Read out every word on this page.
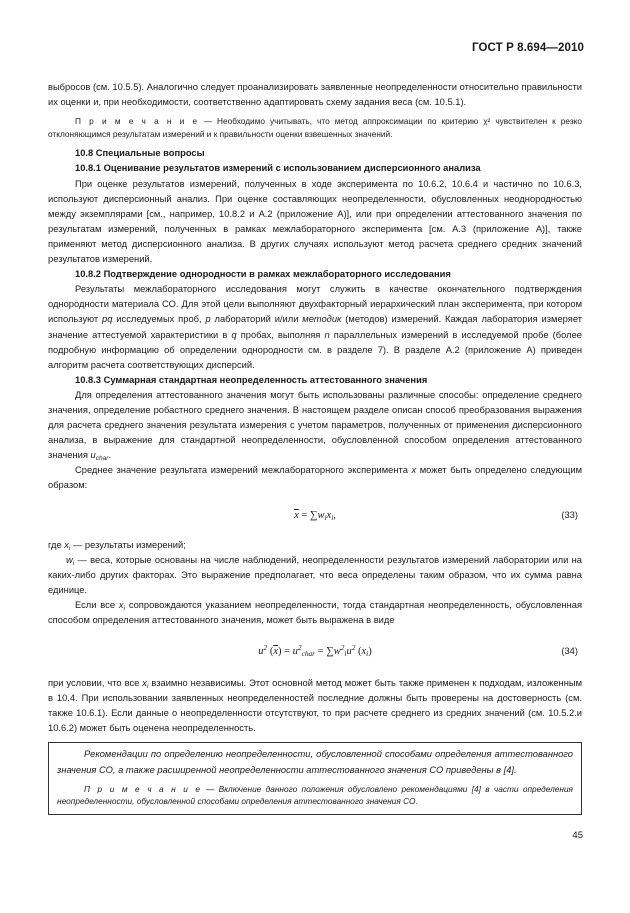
ГОСТ Р 8.694—2010

выбросов (см. 10.5.5). Аналогично следует проанализировать заявленные неопределенности относительно правильности их оценки и, при необходимости, соответственно адаптировать схему задания веса (см. 10.5.1).

П р и м е ч а н и е — Необходимо учитывать, что метод аппроксимации по критерию χ² чувствителен к резко отклоняющимся результатам измерений и к правильности оценки взвешенных значений.

10.8 Специальные вопросы

10.8.1 Оценивание результатов измерений с использованием дисперсионного анализа

При оценке результатов измерений, полученных в ходе эксперимента по 10.6.2, 10.6.4 и частично по 10.6.3, используют дисперсионный анализ. При оценке составляющих неопределенности, обусловленных неоднородностью между экземплярами [см., например, 10.8.2 и А.2 (приложение А)], или при определении аттестованного значения по результатам измерений, полученных в рамках межлабораторного эксперимента [см. А.3 (приложение А)], также применяют метод дисперсионного анализа. В других случаях используют метод расчета среднего средних значений результатов измерений.

10.8.2 Подтверждение однородности в рамках межлабораторного исследования

Результаты межлабораторного исследования могут служить в качестве окончательного подтверждения однородности материала СО. Для этой цели выполняют двухфакторный иерархический план эксперимента, при котором используют pq исследуемых проб, p лабораторий и/или методик (методов) измерений. Каждая лаборатория измеряет значение аттестуемой характеристики в q пробах, выполняя n параллельных измерений в исследуемой пробе (более подробную информацию об определении однородности см. в разделе 7). В разделе А.2 (приложение А) приведен алгоритм расчета соответствующих дисперсий.

10.8.3 Суммарная стандартная неопределенность аттестованного значения

Для определения аттестованного значения могут быть использованы различные способы: определение среднего значения, определение робастного среднего значения. В настоящем разделе описан способ преобразования выражения для расчета среднего значения результата измерения с учетом параметров, полученных от применения дисперсионного анализа, в выражение для стандартной неопределенности, обусловленной способом определения аттестованного значения $u_{char}$.

Среднее значение результата измерений межлабораторного эксперимента x может быть определено следующим образом:

$\overline{x} = \sum w_ix_i$,	(33)

где $x_i$ — результаты измерений;

$w_i$ — веса, которые основаны на числе наблюдений, неопределенности результатов измерений лаборатории или на каких-либо других факторах. Это выражение предполагает, что веса определены таким образом, что их сумма равна единице.

Если все $x_i$ сопровождаются указанием неопределенности, тогда стандартная неопределенность, обусловленная способом определения аттестованного значения, может быть выражена в виде

$u^2$ $(\overline{x}) = u^2_{char} = \sum w^2_iu^2$ $(x_i)$	(34)

при условии, что все $x_i$ взаимно независимы. Этот основной метод может быть также применен к подходам, изложенным в 10.4. При использовании заявленных неопределенностей последние должны быть проверены на достоверность (см. также 10.6.1). Если данные о неопределенности отсутствуют, то при расчете среднего из средних значений (см. 10.5.2.и 10.6.2) может быть оценена неопределенность.

Рекомендации по определению неопределенности, обусловленной способами определения аттестованного значения СО, а также расширенной неопределенности аттестованного значения СО приведены в [4].

П р и м е ч а н и е — Включение данного положения обусловлено рекомендациями [4] в части определения неопределенности, обусловленной способами определения аттестованного значения СО.

45
